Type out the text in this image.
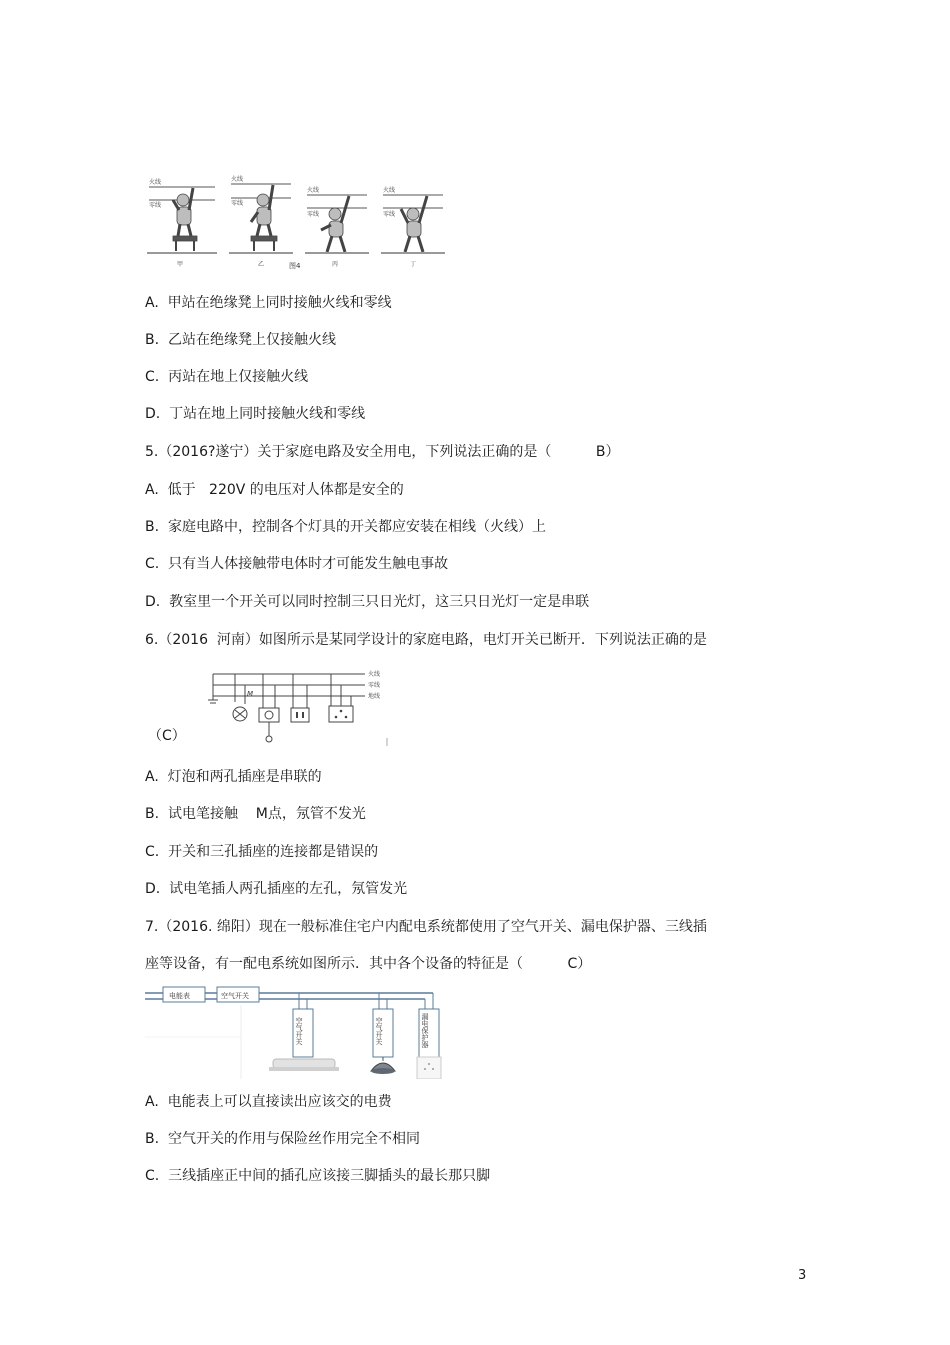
火线
零线
甲
火线
零线
乙
火线
零线
丙
火线
零线
丁
图4
A.  甲站在绝缘凳上同时接触火线和零线
B.  乙站在绝缘凳上仅接触火线
C.  丙站在地上仅接触火线
D.  丁站在地上同时接触火线和零线
5.（2016?遂宁）关于家庭电路及安全用电，下列说法正确的是（          B）
A.  低于   220V 的电压对人体都是安全的
B.  家庭电路中，控制各个灯具的开关都应安装在相线（火线）上
C.  只有当人体接触带电体时才可能发生触电事故
D.  教室里一个开关可以同时控制三只日光灯，这三只日光灯一定是串联
6.（2016  河南）如图所示是某同学设计的家庭电路，电灯开关已断开．下列说法正确的是
火线
零线
地线
M
（C）
A.  灯泡和两孔插座是串联的
B.  试电笔接触    M点，氖管不发光
C.  开关和三孔插座的连接都是错误的
D.  试电笔插人两孔插座的左孔，氖管发光
7.（2016. 绵阳）现在一般标准住宅户内配电系统都使用了空气开关、漏电保护器、三线插
座等设备，有一配电系统如图所示．其中各个设备的特征是（          C）
电能表	空气开关
空气开关	空气开关	漏电保护器
A.  电能表上可以直接读出应该交的电费
B.  空气开关的作用与保险丝作用完全不相同
C.  三线插座正中间的插孔应该接三脚插头的最长那只脚
3
